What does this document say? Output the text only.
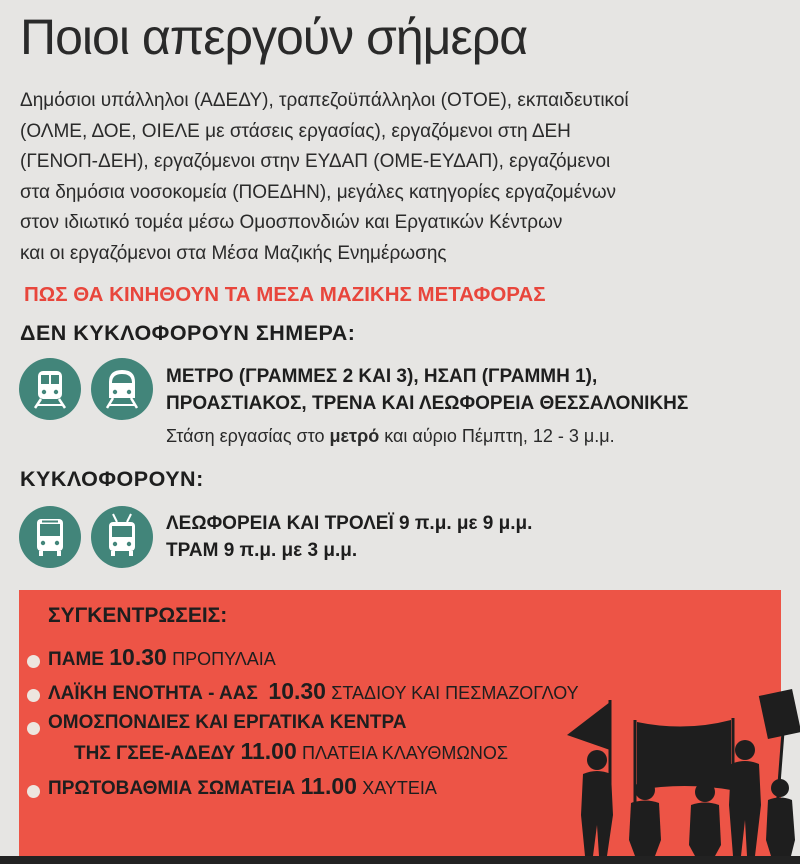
Ποιοι απεργούν σήμερα
Δημόσιοι υπάλληλοι (ΑΔΕΔΥ), τραπεζοϋπάλληλοι (ΟΤΟΕ), εκπαιδευτικοί
(ΟΛΜΕ, ΔΟΕ, ΟΙΕΛΕ με στάσεις εργασίας), εργαζόμενοι στη ΔΕΗ
(ΓΕΝΟΠ-ΔΕΗ), εργαζόμενοι στην ΕΥΔΑΠ (ΟΜΕ-ΕΥΔΑΠ), εργαζόμενοι
στα δημόσια νοσοκομεία (ΠΟΕΔΗΝ), μεγάλες κατηγορίες εργαζομένων
στον ιδιωτικό τομέα μέσω Ομοσπονδιών και Εργατικών Κέντρων
και οι εργαζόμενοι στα Μέσα Μαζικής Ενημέρωσης
ΠΩΣ ΘΑ ΚΙΝΗΘΟΥΝ ΤΑ ΜΕΣΑ ΜΑΖΙΚΗΣ ΜΕΤΑΦΟΡΑΣ
ΔΕΝ ΚΥΚΛΟΦΟΡΟΥΝ ΣΗΜΕΡΑ:
ΜΕΤΡΟ (ΓΡΑΜΜΕΣ 2 ΚΑΙ 3), ΗΣΑΠ (ΓΡΑΜΜΗ 1),
ΠΡΟΑΣΤΙΑΚΟΣ, ΤΡΕΝΑ ΚΑΙ ΛΕΩΦΟΡΕΙΑ ΘΕΣΣΑΛΟΝΙΚΗΣ
Στάση εργασίας στο μετρό και αύριο Πέμπτη, 12 - 3 μ.μ.
ΚΥΚΛΟΦΟΡΟΥΝ:
ΛΕΩΦΟΡΕΙΑ ΚΑΙ ΤΡΟΛΕΪ 9 π.μ. με 9 μ.μ.
ΤΡΑΜ 9 π.μ. με 3 μ.μ.
ΣΥΓΚΕΝΤΡΩΣΕΙΣ:
ΠΑΜΕ 10.30 ΠΡΟΠΥΛΑΙΑ
ΛΑΪΚΗ ΕΝΟΤΗΤΑ - ΑΑΣ 10.30 ΣΤΑΔΙΟΥ ΚΑΙ ΠΕΣΜΑΖΟΓΛΟΥ
ΟΜΟΣΠΟΝΔΙΕΣ ΚΑΙ ΕΡΓΑΤΙΚΑ ΚΕΝΤΡΑ
ΤΗΣ ΓΣΕΕ-ΑΔΕΔΥ 11.00 ΠΛΑΤΕΙΑ ΚΛΑΥΘΜΩΝΟΣ
ΠΡΩΤΟΒΑΘΜΙΑ ΣΩΜΑΤΕΙΑ 11.00 ΧΑΥΤΕΙΑ
